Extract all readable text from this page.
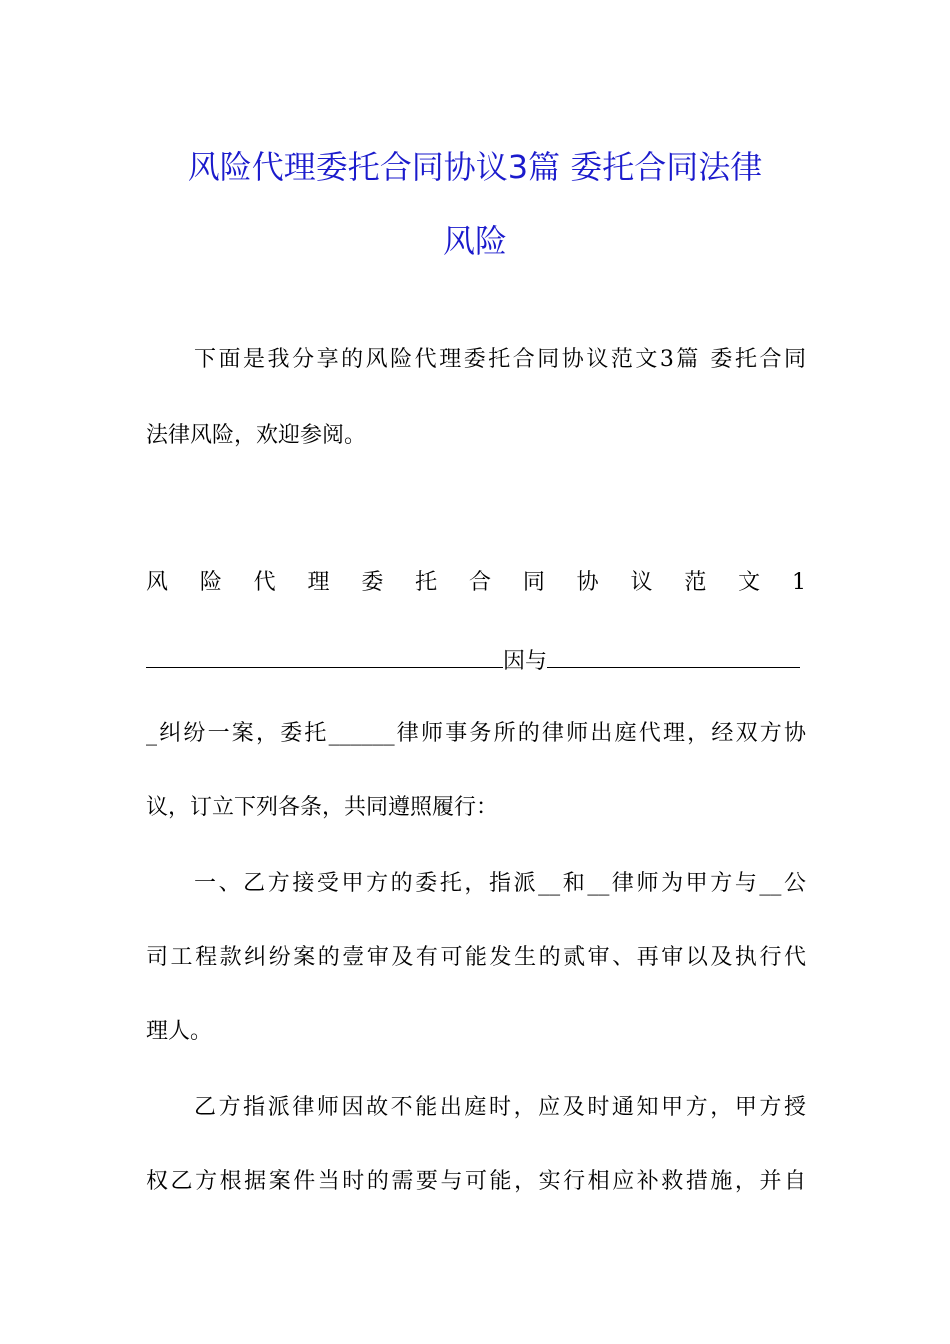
风险代理委托合同协议3篇 委托合同法律
风险
下面是我分享的风险代理委托合同协议范文3篇 委托合同
法律风险，欢迎参阅。
风险代理委托合同协议范文1
因与
_纠纷一案，委托______律师事务所的律师出庭代理，经双方协
议，订立下列各条，共同遵照履行：
一、乙方接受甲方的委托，指派__和__律师为甲方与__公
司工程款纠纷案的壹审及有可能发生的贰审、再审以及执行代
理人。
乙方指派律师因故不能出庭时，应及时通知甲方，甲方授
权乙方根据案件当时的需要与可能，实行相应补救措施，并自
